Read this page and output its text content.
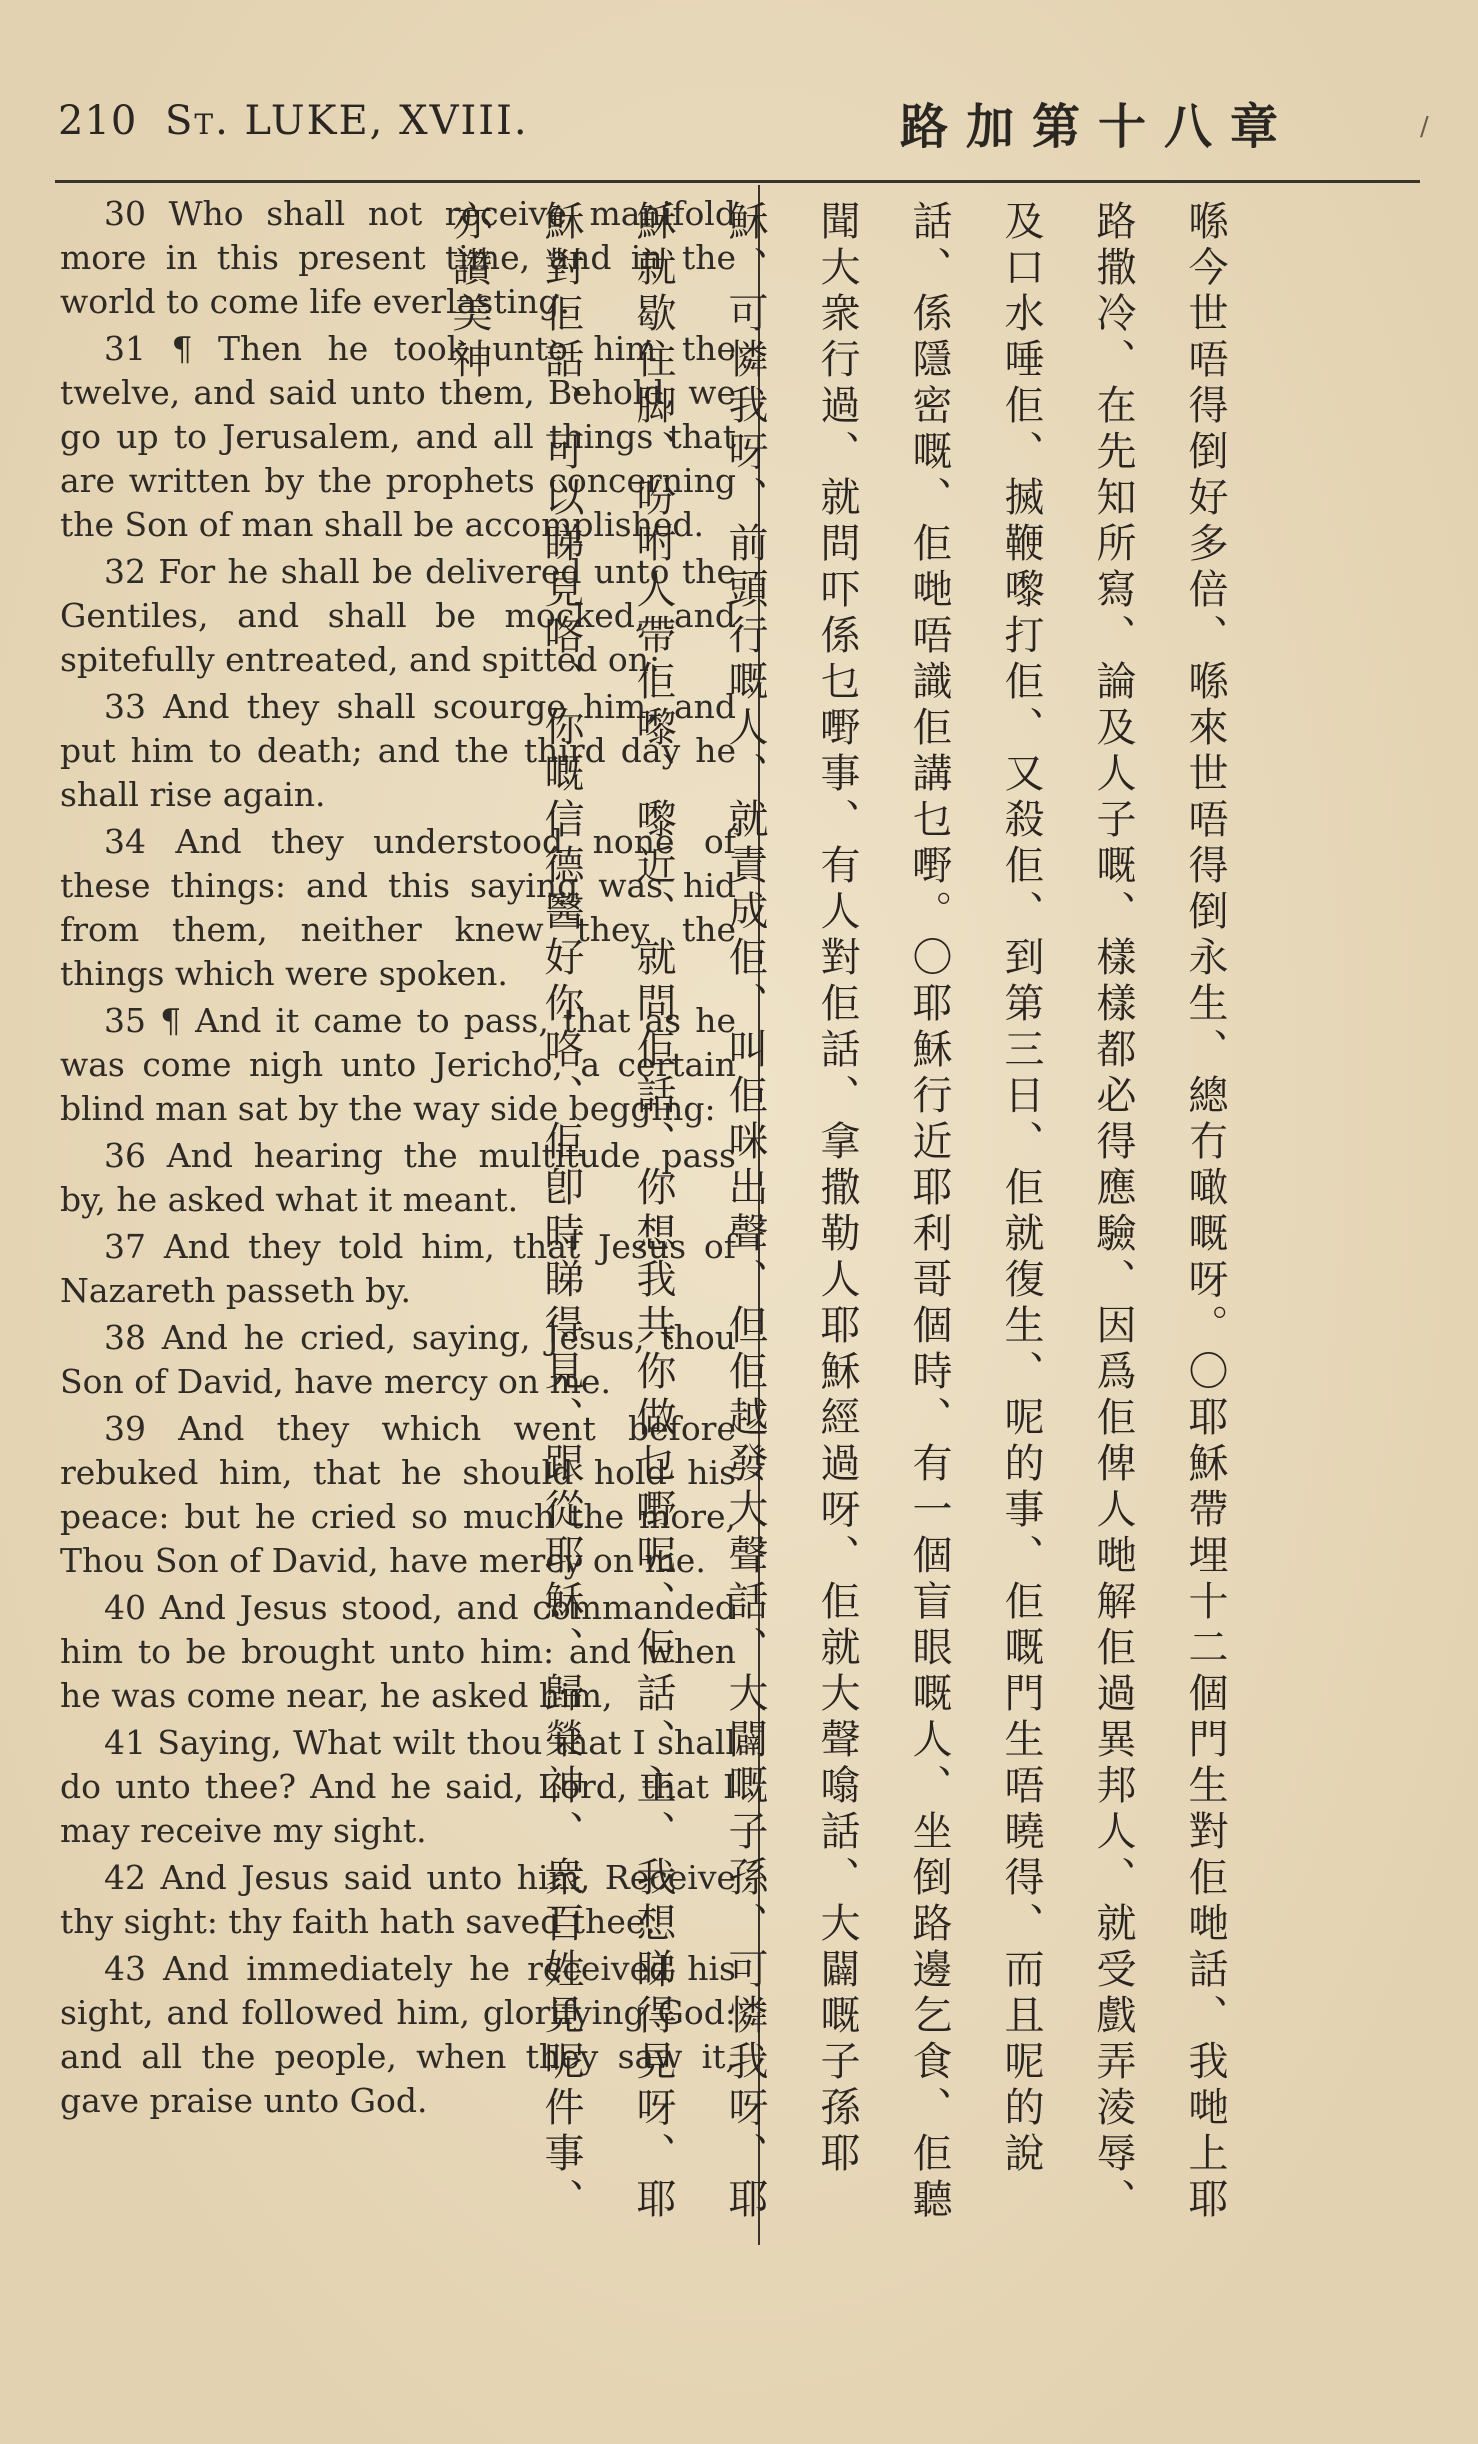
210 St. LUKE, XVIII.	路加第十八章	/

30 Who shall not receive manifold more in this present time, and in the world to come life everlasting.

31 ¶ Then he took unto him the twelve, and said unto them, Behold, we go up to Jerusalem, and all things that are written by the prophets concerning the Son of man shall be accomplished.

32 For he shall be delivered unto the Gentiles, and shall be mocked, and spitefully entreated, and spitted on:

33 And they shall scourge him, and put him to death; and the third day he shall rise again.

34 And they understood none of these things: and this saying was hid from them, neither knew they the things which were spoken.

35 ¶ And it came to pass, that as he was come nigh unto Jericho, a certain blind man sat by the way side begging:

36 And hearing the multitude pass by, he asked what it meant.

37 And they told him, that Jesus of Nazareth passeth by.

38 And he cried, saying, Jesus, thou Son of David, have mercy on me.

39 And they which went before rebuked him, that he should hold his peace: but he cried so much the more, Thou Son of David, have mercy on me.

40 And Jesus stood, and commanded him to be brought unto him: and when he was come near, he asked him,

41 Saying, What wilt thou that I shall do unto thee? And he said, Lord, that I may receive my sight.

42 And Jesus said unto him, Receive thy sight: thy faith hath saved thee.

43 And immediately he received his sight, and followed him, glorifying God: and all the people, when they saw it, gave praise unto God.

	喺今世唔得倒好多倍、喺來世唔得倒永生、總冇噉嘅呀。〇耶穌帶埋十二個門生對佢哋話、我哋上耶路撒冷、在先知所寫、論及人子嘅、樣樣都必得應驗、因爲佢俾人哋解佢過異邦人、就受戲弄淩辱、及口水唾佢、搣鞭嚟打佢、又殺佢、到第三日、佢就復生、呢的事、佢嘅門生唔曉得、而且呢的說話、係隱密嘅、佢哋唔識佢講乜嘢。〇耶穌行近耶利哥個時、有一個盲眼嘅人、坐倒路邊乞食、佢聽聞大衆行過、就問吓係乜嘢事、有人對佢話、拿撒勒人耶穌經過呀、佢就大聲噏話、大闢嘅子孫耶穌、可憐我呀、前頭行嘅人、就責成佢、叫佢咪出聲、但佢越發大聲話、大闢嘅子孫、可憐我呀、耶穌就歇住脚、吩咐人帶佢嚟、嚟近、就問佢話、你想我共你做乜嘢呢、佢話、主、我想睇得見呀、耶穌對佢話、可以睇見咯、你嘅信德醫好你咯、佢卽時睇得見、跟從耶穌、歸榮神、衆百姓見呢件事、亦讚美神。
